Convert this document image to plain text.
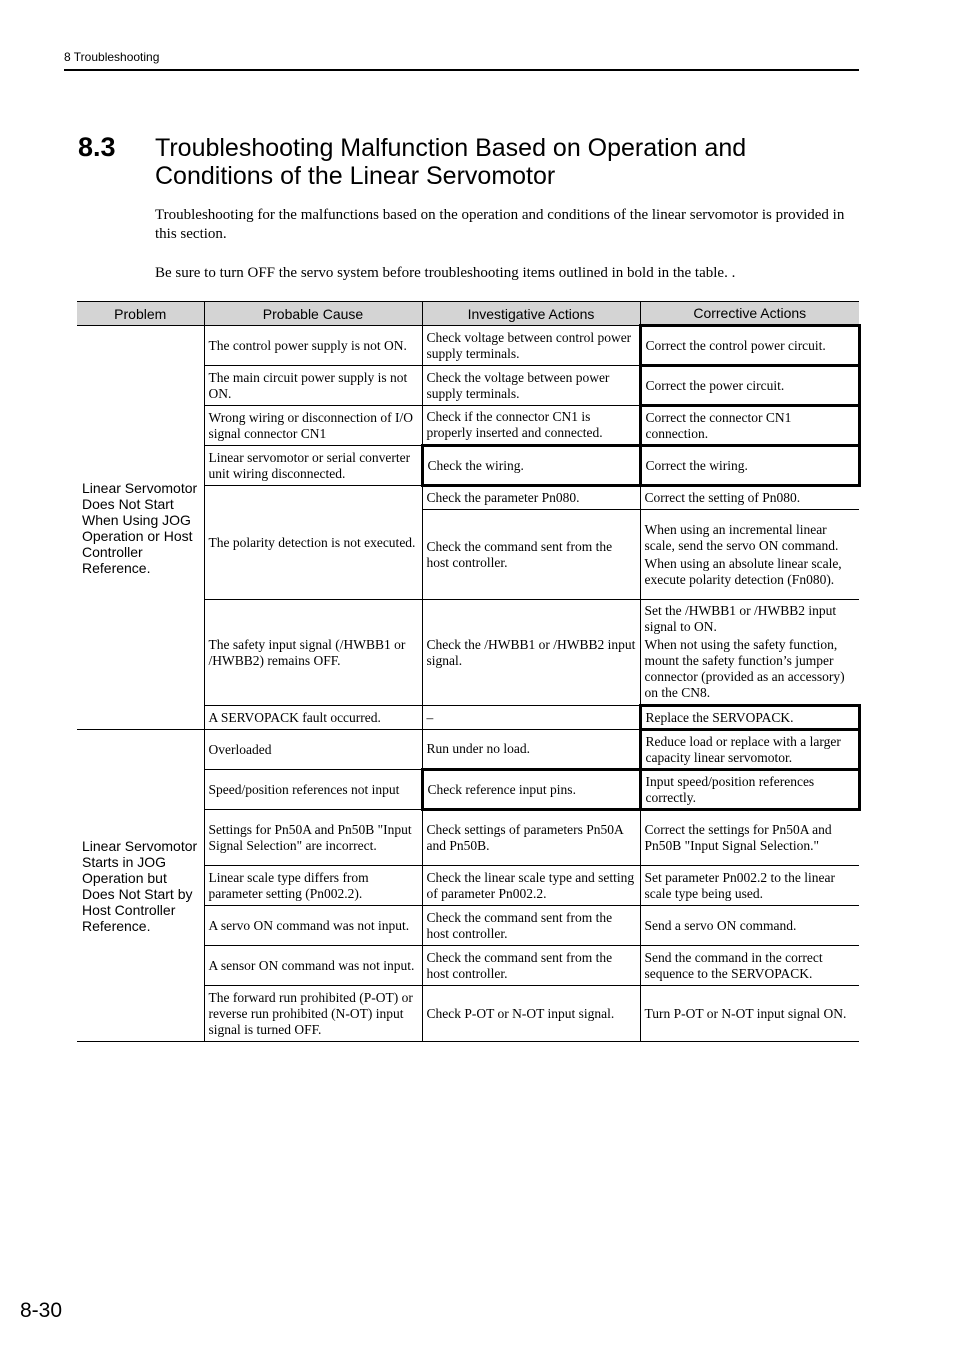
8 Troubleshooting
8.3 Troubleshooting Malfunction Based on Operation and Conditions of the Linear Servomotor
Troubleshooting for the malfunctions based on the operation and conditions of the linear servomotor is provided in this section.
Be sure to turn OFF the servo system before troubleshooting items outlined in bold in the table. .
Problem	Probable Cause	Investigative Actions	Corrective Actions
Linear Servomotor Does Not Start When Using JOG Operation or Host Controller Reference.	The control power supply is not ON.	Check voltage between control power supply terminals.	Correct the control power circuit.
	The main circuit power supply is not ON.	Check the voltage between power supply terminals.	Correct the power circuit.
	Wrong wiring or disconnection of I/O signal connector CN1	Check if the connector CN1 is properly inserted and connected.	Correct the connector CN1 connection.
	Linear servomotor or serial converter unit wiring disconnected.	Check the wiring.	Correct the wiring.
	The polarity detection is not executed.	Check the parameter Pn080.	Correct the setting of Pn080.
		Check the command sent from the host controller.	When using an incremental linear scale, send the servo ON command.
When using an absolute linear scale, execute polarity detection (Fn080).

	The safety input signal (/HWBB1 or /HWBB2) remains OFF.	Check the /HWBB1 or /HWBB2 input signal.	Set the /HWBB1 or /HWBB2 input signal to ON.
When not using the safety function, mount the safety function’s jumper connector (provided as an accessory) on the CN8.

	A SERVOPACK fault occurred.	–	Replace the SERVOPACK.
Linear Servomotor Starts in JOG Operation but Does Not Start by Host Controller Reference.	Overloaded	Run under no load.	Reduce load or replace with a larger capacity linear servomotor.
	Speed/position references not input	Check reference input pins.	Input speed/position references correctly.
	Settings for Pn50A and Pn50B "Input Signal Selection" are incorrect.	Check settings of parameters Pn50A and Pn50B.	Correct the settings for Pn50A and Pn50B "Input Signal Selection."
	Linear scale type differs from parameter setting (Pn002.2).	Check the linear scale type and setting of parameter Pn002.2.	Set parameter Pn002.2 to the linear scale type being used.
	A servo ON command was not input.	Check the command sent from the host controller.	Send a servo ON command.
	A sensor ON command was not input.	Check the command sent from the host controller.	Send the command in the correct sequence to the SERVOPACK.
	The forward run prohibited (P-OT) or reverse run prohibited (N-OT) input signal is turned OFF.	Check P-OT or N-OT input signal.	Turn P-OT or N-OT input signal ON.
8-30
